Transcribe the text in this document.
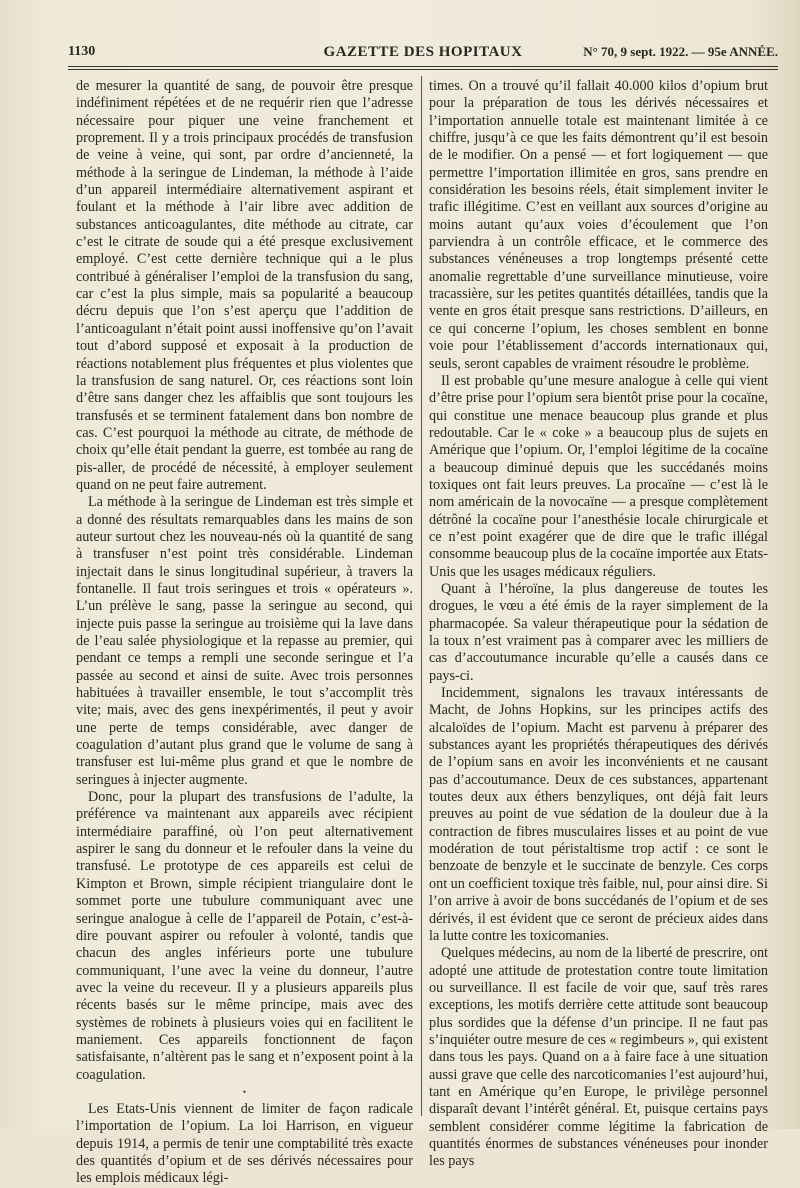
1130	GAZETTE DES HOPITAUX	N° 70, 9 sept. 1922. — 95e ANNÉE.

de mesurer la quantité de sang, de pouvoir être presque indéfiniment répétées et de ne requérir rien que l’adresse nécessaire pour piquer une veine franchement et proprement. Il y a trois principaux procédés de transfusion de veine à veine, qui sont, par ordre d’ancienneté, la méthode à la seringue de Lindeman, la méthode à l’aide d’un appareil intermédiaire alternativement aspirant et foulant et la méthode à l’air libre avec addition de substances anticoagulantes, dite méthode au citrate, car c’est le citrate de soude qui a été presque exclusivement employé. C’est cette dernière technique qui a le plus contribué à généraliser l’emploi de la transfusion du sang, car c’est la plus simple, mais sa popularité a beaucoup décru depuis que l’on s’est aperçu que l’addition de l’anticoagulant n’était point aussi inoffensive qu’on l’avait tout d’abord supposé et exposait à la production de réactions notablement plus fréquentes et plus violentes que la transfusion de sang naturel. Or, ces réactions sont loin d’être sans danger chez les affaiblis que sont toujours les transfusés et se terminent fatalement dans bon nombre de cas. C’est pourquoi la méthode au citrate, de méthode de choix qu’elle était pendant la guerre, est tombée au rang de pis-aller, de procédé de nécessité, à employer seulement quand on ne peut faire autrement.

La méthode à la seringue de Lindeman est très simple et a donné des résultats remarquables dans les mains de son auteur surtout chez les nouveau-nés où la quantité de sang à transfuser n’est point très considérable. Lindeman injectait dans le sinus longitudinal supérieur, à travers la fontanelle. Il faut trois seringues et trois « opérateurs ». L’un prélève le sang, passe la seringue au second, qui injecte puis passe la seringue au troisième qui la lave dans de l’eau salée physiologique et la repasse au premier, qui pendant ce temps a rempli une seconde seringue et l’a passée au second et ainsi de suite. Avec trois personnes habituées à travailler ensemble, le tout s’accomplit très vite; mais, avec des gens inexpérimentés, il peut y avoir une perte de temps considérable, avec danger de coagulation d’autant plus grand que le volume de sang à transfuser est lui-même plus grand et que le nombre de seringues à injecter augmente.

Donc, pour la plupart des transfusions de l’adulte, la préférence va maintenant aux appareils avec récipient intermédiaire paraffiné, où l’on peut alternativement aspirer le sang du donneur et le refouler dans la veine du transfusé. Le prototype de ces appareils est celui de Kimpton et Brown, simple récipient triangulaire dont le sommet porte une tubulure communiquant avec une seringue analogue à celle de l’appareil de Potain, c’est-à-dire pouvant aspirer ou refouler à volonté, tandis que chacun des angles inférieurs porte une tubulure communiquant, l’une avec la veine du donneur, l’autre avec la veine du receveur. Il y a plusieurs appareils plus récents basés sur le même principe, mais avec des systèmes de robinets à plusieurs voies qui en facilitent le maniement. Ces appareils fonctionnent de façon satisfaisante, n’altèrent pas le sang et n’exposent point à la coagulation.

•

Les Etats-Unis viennent de limiter de façon radicale l’importation de l’opium. La loi Harrison, en vigueur depuis 1914, a permis de tenir une comptabilité très exacte des quantités d’opium et de ses dérivés nécessaires pour les emplois médicaux légi-

times. On a trouvé qu’il fallait 40.000 kilos d’opium brut pour la préparation de tous les dérivés nécessaires et l’importation annuelle totale est maintenant limitée à ce chiffre, jusqu’à ce que les faits démontrent qu’il est besoin de le modifier. On a pensé — et fort logiquement — que permettre l’importation illimitée en gros, sans prendre en considération les besoins réels, était simplement inviter le trafic illégitime. C’est en veillant aux sources d’origine au moins autant qu’aux voies d’écoulement que l’on parviendra à un contrôle efficace, et le commerce des substances vénéneuses a trop longtemps présenté cette anomalie regrettable d’une surveillance minutieuse, voire tracassière, sur les petites quantités détaillées, tandis que la vente en gros était presque sans restrictions. D’ailleurs, en ce qui concerne l’opium, les choses semblent en bonne voie pour l’établissement d’accords internationaux qui, seuls, seront capables de vraiment résoudre le problème.

Il est probable qu’une mesure analogue à celle qui vient d’être prise pour l’opium sera bientôt prise pour la cocaïne, qui constitue une menace beaucoup plus grande et plus redoutable. Car le « coke » a beaucoup plus de sujets en Amérique que l’opium. Or, l’emploi légitime de la cocaïne a beaucoup diminué depuis que les succédanés moins toxiques ont fait leurs preuves. La procaïne — c’est là le nom américain de la novocaïne — a presque complètement détrôné la cocaïne pour l’anesthésie locale chirurgicale et ce n’est point exagérer que de dire que le trafic illégal consomme beaucoup plus de la cocaïne importée aux Etats-Unis que les usages médicaux réguliers.

Quant à l’héroïne, la plus dangereuse de toutes les drogues, le vœu a été émis de la rayer simplement de la pharmacopée. Sa valeur thérapeutique pour la sédation de la toux n’est vraiment pas à comparer avec les milliers de cas d’accoutumance incurable qu’elle a causés dans ce pays-ci.

Incidemment, signalons les travaux intéressants de Macht, de Johns Hopkins, sur les principes actifs des alcaloïdes de l’opium. Macht est parvenu à préparer des substances ayant les propriétés thérapeutiques des dérivés de l’opium sans en avoir les inconvénients et ne causant pas d’accoutumance. Deux de ces substances, appartenant toutes deux aux éthers benzyliques, ont déjà fait leurs preuves au point de vue sédation de la douleur due à la contraction de fibres musculaires lisses et au point de vue modération de tout péristaltisme trop actif : ce sont le benzoate de benzyle et le succinate de benzyle. Ces corps ont un coefficient toxique très faible, nul, pour ainsi dire. Si l’on arrive à avoir de bons succédanés de l’opium et de ses dérivés, il est évident que ce seront de précieux aides dans la lutte contre les toxicomanies.

Quelques médecins, au nom de la liberté de prescrire, ont adopté une attitude de protestation contre toute limitation ou surveillance. Il est facile de voir que, sauf très rares exceptions, les motifs derrière cette attitude sont beaucoup plus sordides que la défense d’un principe. Il ne faut pas s’inquiéter outre mesure de ces « regimbeurs », qui existent dans tous les pays. Quand on a à faire face à une situation aussi grave que celle des narcoticomanies l’est aujourd’hui, tant en Amérique qu’en Europe, le privilège personnel disparaît devant l’intérêt général. Et, puisque certains pays semblent considérer comme légitime la fabrication de quantités énormes de substances vénéneuses pour inonder les pays
